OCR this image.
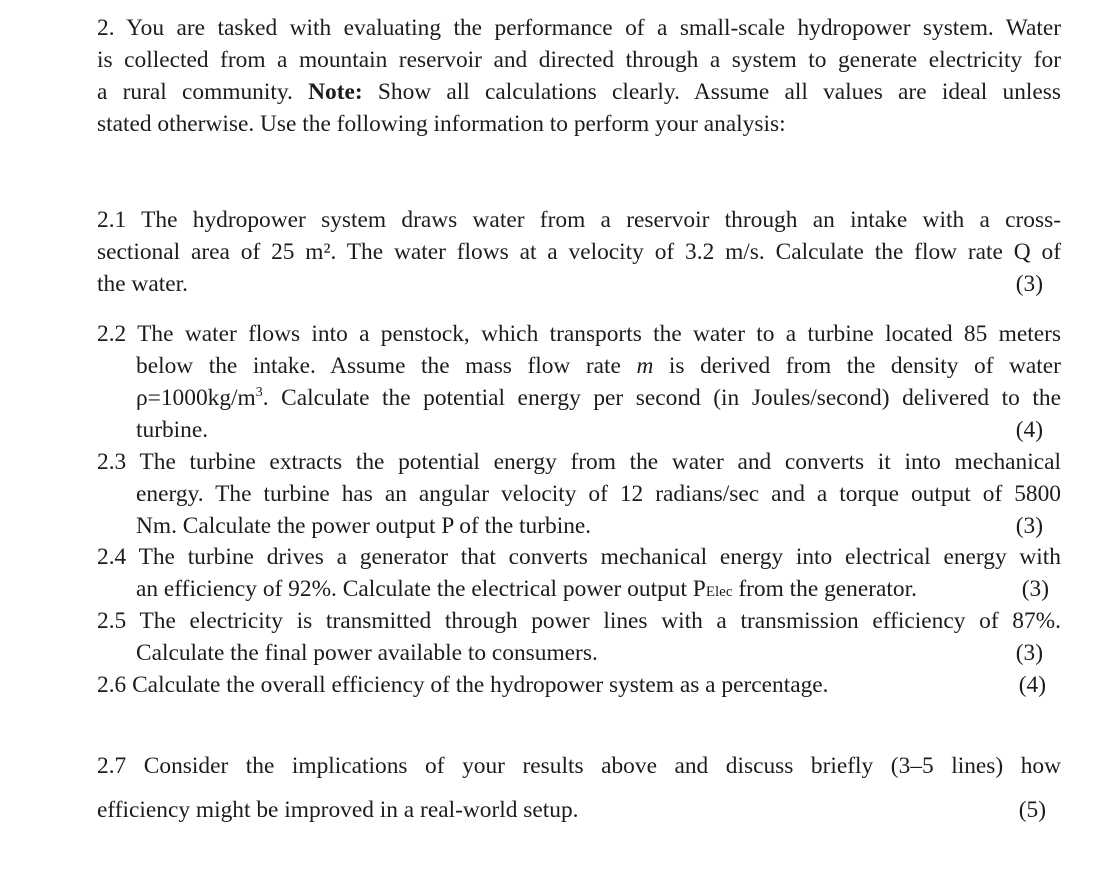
2. You are tasked with evaluating the performance of a small-scale hydropower system. Water
is collected from a mountain reservoir and directed through a system to generate electricity for
a rural community. Note: Show all calculations clearly. Assume all values are ideal unless
stated otherwise. Use the following information to perform your analysis:
2.1 The hydropower system draws water from a reservoir through an intake with a cross-
sectional area of 25 m². The water flows at a velocity of 3.2 m/s. Calculate the flow rate Q of
the water.	(3)
2.2 The water flows into a penstock, which transports the water to a turbine located 85 meters
below the intake. Assume the mass flow rate m is derived from the density of water
$\rho=1000kg/m^3$. Calculate the potential energy per second (in Joules/second) delivered to the
turbine.	(4)
2.3 The turbine extracts the potential energy from the water and converts it into mechanical
energy. The turbine has an angular velocity of 12 radians/sec and a torque output of 5800
Nm. Calculate the power output P of the turbine.	(3)
2.4 The turbine drives a generator that converts mechanical energy into electrical energy with
an efficiency of 92%. Calculate the electrical power output PElec from the generator.	(3)
2.5 The electricity is transmitted through power lines with a transmission efficiency of 87%.
Calculate the final power available to consumers.	(3)
2.6 Calculate the overall efficiency of the hydropower system as a percentage.	(4)
2.7 Consider the implications of your results above and discuss briefly (3–5 lines) how
efficiency might be improved in a real-world setup.	(5)
